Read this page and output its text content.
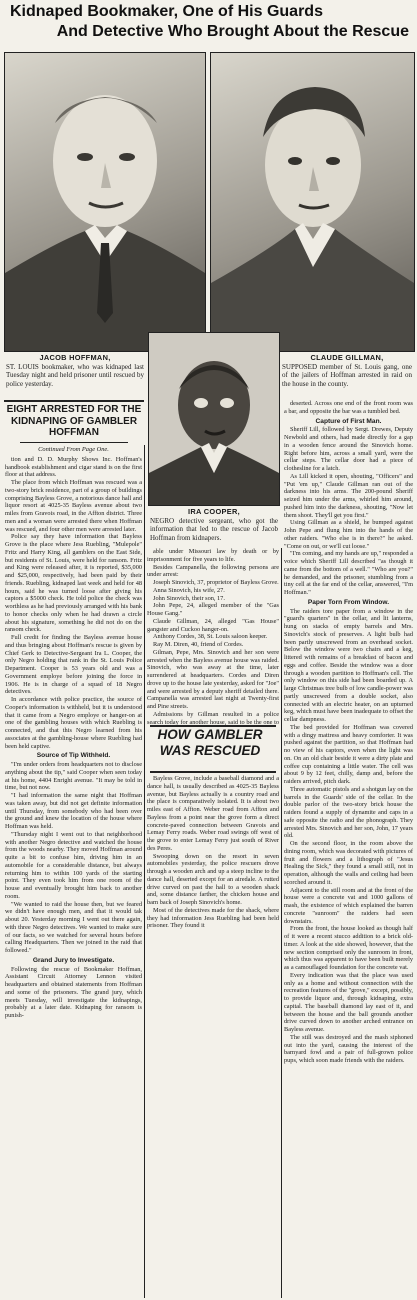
Kidnaped Bookmaker, One of His Guards
And Detective Who Brought About the Rescue
JACOB HOFFMAN,
ST. LOUIS bookmaker, who was kidnaped last Tuesday night and held prisoner until rescued by police yesterday.
CLAUDE GILLMAN,
SUPPOSED member of St. Louis gang, one of the jailers of Hoffman arrested in raid on the house in the county.
IRA COOPER,
NEGRO detective sergeant, who got the information that led to the rescue of Jacob Hoffman from kidnapers.
EIGHT ARRESTED FOR THE KIDNAPING OF GAMBLER HOFFMAN
Continued From Page One.

tion and D. D. Murphy Shows Inc. Hoffman's handbook establishment and cigar stand is on the first floor at that address.

The place from which Hoffman was rescued was a two-story brick residence, part of a group of buildings comprising Bayless Grove, a notorious dance hall and liquor resort at 4025-35 Bayless avenue about two miles from Gravois road, in the Affton district. Three men and a woman were arrested there when Hoffman was rescued, and four other men were arrested later.

Police say they have information that Bayless Grove is the place where Jess Ruebling, "Mulepole" Fritz and Harry King, all gamblers on the East Side, but residents of St. Louis, were held for ransom. Fritz and King were released after, it is reported, $35,000 and $25,000, respectively, had been paid by their friends. Ruebling, kidnaped last week and held for 48 hours, said he was turned loose after giving his captors a $5000 check. He told police the check was worthless as he had previously arranged with his bank to honor checks only when he had drawn a circle about his signature, something he did not do on the ransom check.

Full credit for finding the Bayless avenue house and thus bringing about Hoffman's rescue is given by Chief Gerk to Detective-Sergeant Ira L. Cooper, the only Negro holding that rank in the St. Louis Police Department. Cooper is 53 years old and was a Government employe before joining the force in 1906. He is in charge of a squad of 18 Negro detectives.

In accordance with police practice, the source of Cooper's information is withheld, but it is understood that it came from a Negro employe or hanger-on at one of the gambling houses with which Ruebling is connected, and that this Negro learned from his associates at the gambling-house where Ruebling had been held captive.

Source of Tip Withheld.

"I'm under orders from headquarters not to disclose anything about the tip," said Cooper when seen today at his home, 4404 Enright avenue. "It may be told in time, but not now.

"I had information the same night that Hoffman was taken away, but did not get definite information until Thursday, from somebody who had been over the ground and knew the location of the house where Hoffman was held.

"Thursday night I went out to that neighborhood with another Negro detective and watched the house from the woods nearby. They moved Hoffman around quite a bit to confuse him, driving him in an automobile for a considerable distance, but always returning him to within 100 yards of the starting point. They even took him from one room of the house and eventually brought him back to another room.

"We wanted to raid the house then, but we feared we didn't have enough men, and that it would tak about 20. Yesterday morning I went out there again, with three Negro detectives. We wanted to make sure of our facts, so we watched for several hours before calling Headquarters. Then we joined in the raid that followed."

Grand Jury to Investigate.

Following the rescue of Bookmaker Hoffman, Assistant Circuit Attorney Lennon visited headquarters and obtained statements from Hoffman and some of the prisoners. The grand jury, which meets Tuesday, will investigate the kidnapings, probably at a later date. Kidnaping for ransom is punish-

able under Missouri law by death or by imprisonment for five years to life.

Besides Campanella, the following persons are under arrest:

Joseph Sinovich, 37, proprietor of Bayless Grove.

Anna Sinovich, his wife, 27.

John Sinovich, their son, 17.

John Pepe, 24, alleged member of the "Gas House Gang."

Claude Gillman, 24, alleged "Gas House" gangster and Cuckoo hanger-on.

Anthony Cordes, 38, St. Louis saloon keeper.

Ray M. Diren, 40, friend of Cordes.

Gilman, Pepe, Mrs. Sinovich and her son were arrested when the Bayless avenue house was raided. Sinovich, who was away at the time, later surrendered at headquarters. Cordes and Diren drove up to the house late yesterday, asked for "Joe" and were arrested by a deputy sheriff detailed there. Campanella was arrested last night at Twenty-first and Pine streets.

Admissions by Gillman resulted in a police search today for another house, said to be the one to

HOW GAMBLER WAS RESCUED

Bayless Grove, include a baseball diamond and a dance hall, is usually described as 4025-35 Bayless avenue, but Bayless actually is a country road and the place is comparatively isolated. It is about two miles east of Affton. Weber road from Affton and Bayless from a point near the grove form a direct concrete-paved connection between Gravois and Lemay Ferry roads. Weber road swings off west of the grove to enter Lemay Ferry just south of River des Peres.

Swooping down on the resort in seven automobiles yesterday, the police rescuers drove through a wooden arch and up a steep incline to the dance hall, deserted except for an airedale. A rutted drive curved on past the hall to a wooden shack and, some distance farther, the chicken house and barn back of Joseph Sinovich's home.

Most of the detectives made for the shack, where they had information Jess Ruebling had been held prisoner. They found it

deserted. Across one end of the front room was a bar, and opposite the bar was a tumbled bed.

Capture of First Man.

Sheriff Lill, followed by Sergt. Drewes, Deputy Newbold and others, had made directly for a gap in a wooden fence around the Sinovich home. Right before him, across a small yard, were the cellar steps. The cellar door had a piece of clothesline for a latch.

As Lill kicked it open, shouting, "Officers" and "Put 'em up," Claude Gillman ran out of the darkness into his arms. The 200-pound Sheriff seized him under the arms, whirled him around, pushed him into the darkness, shouting, "Now let them shoot. They'll get you first."

Using Gillman as a shield, he bumped against John Pepe and flung him into the hands of the other raiders. "Who else is in there?" he asked. "Come on out, or we'll cut loose."

"I'm coming, and my hands are up," responded a voice which Sheriff Lill described "as though it came from the bottom of a well." "Who are you?" he demanded, and the prisoner, stumbling from a tiny cell at the far end of the cellar, answered, "I'm Hoffman."

Paper Torn From Window.

The raiders tore paper from a window in the "guard's quarters" in the cellar, and lit lanterns, hung on stacks of empty barrels and Mrs. Sinovich's stock of preserves. A light bulb had been partly unscrewed from an overhead socket. Below the window were two chairs and a keg, littered with remains of a breakfast of bacon and eggs and coffee. Beside the window was a door through a wooden partition to Hoffman's cell. The only window on this side had been boarded up. A large Christmas tree bulb of low candle-power was partly unscrewed from a double socket, also connected with an electric heater, on an upturned keg, which must have been inadequate to offset the cellar dampness.

The bed provided for Hoffman was covered with a dingy mattress and heavy comforter. It was pushed against the partition, so that Hoffman had no view of his captors, even when the light was on. On an old chair beside it were a dirty plate and coffee cup containing a little water. The cell was about 9 by 12 feet, chilly, damp and, before the raiders arrived, pitch dark.

Three automatic pistols and a shotgun lay on the barrels in the Guards' side of the cellar. In the double parlor of the two-story brick house the raiders found a supply of dynamite and caps in a safe opposite the radio and the phonograph. They arrested Mrs. Sinovich and her son, John, 17 years old.

On the second floor, in the room above the dining room, which was decorated with pictures of fruit and flowers and a lithograph of "Jesus Healing the Sick," they found a small still, not in operation, although the walls and ceiling had been scorched around it.

Adjacent to the still room and at the front of the house were a concrete vat and 1000 gallons of mash, the existence of which explained the barren concrete "sunroom" the raiders had seen downstairs.

From the front, the house looked as though half of it were a recent stucco addition to a brick old-timer. A look at the side showed, however, that the new section comprised only the sunroom in front, which thus was apparent to have been built merely as a camouflaged foundation for the concrete vat.

Every indication was that the place was used only as a home and without connection with the recreation features of the "grove," except, possibly, to provide liquor and, through kidnaping, extra capital. The baseball diamond lay east of it, and between the house and the ball grounds another drive curved down to another arched entrance on Bayless avenue.

The still was destroyed and the mash siphoned out into the yard, causing the interest of the barnyard fowl and a pair of full-grown police pups, which soon made friends with the raiders.
